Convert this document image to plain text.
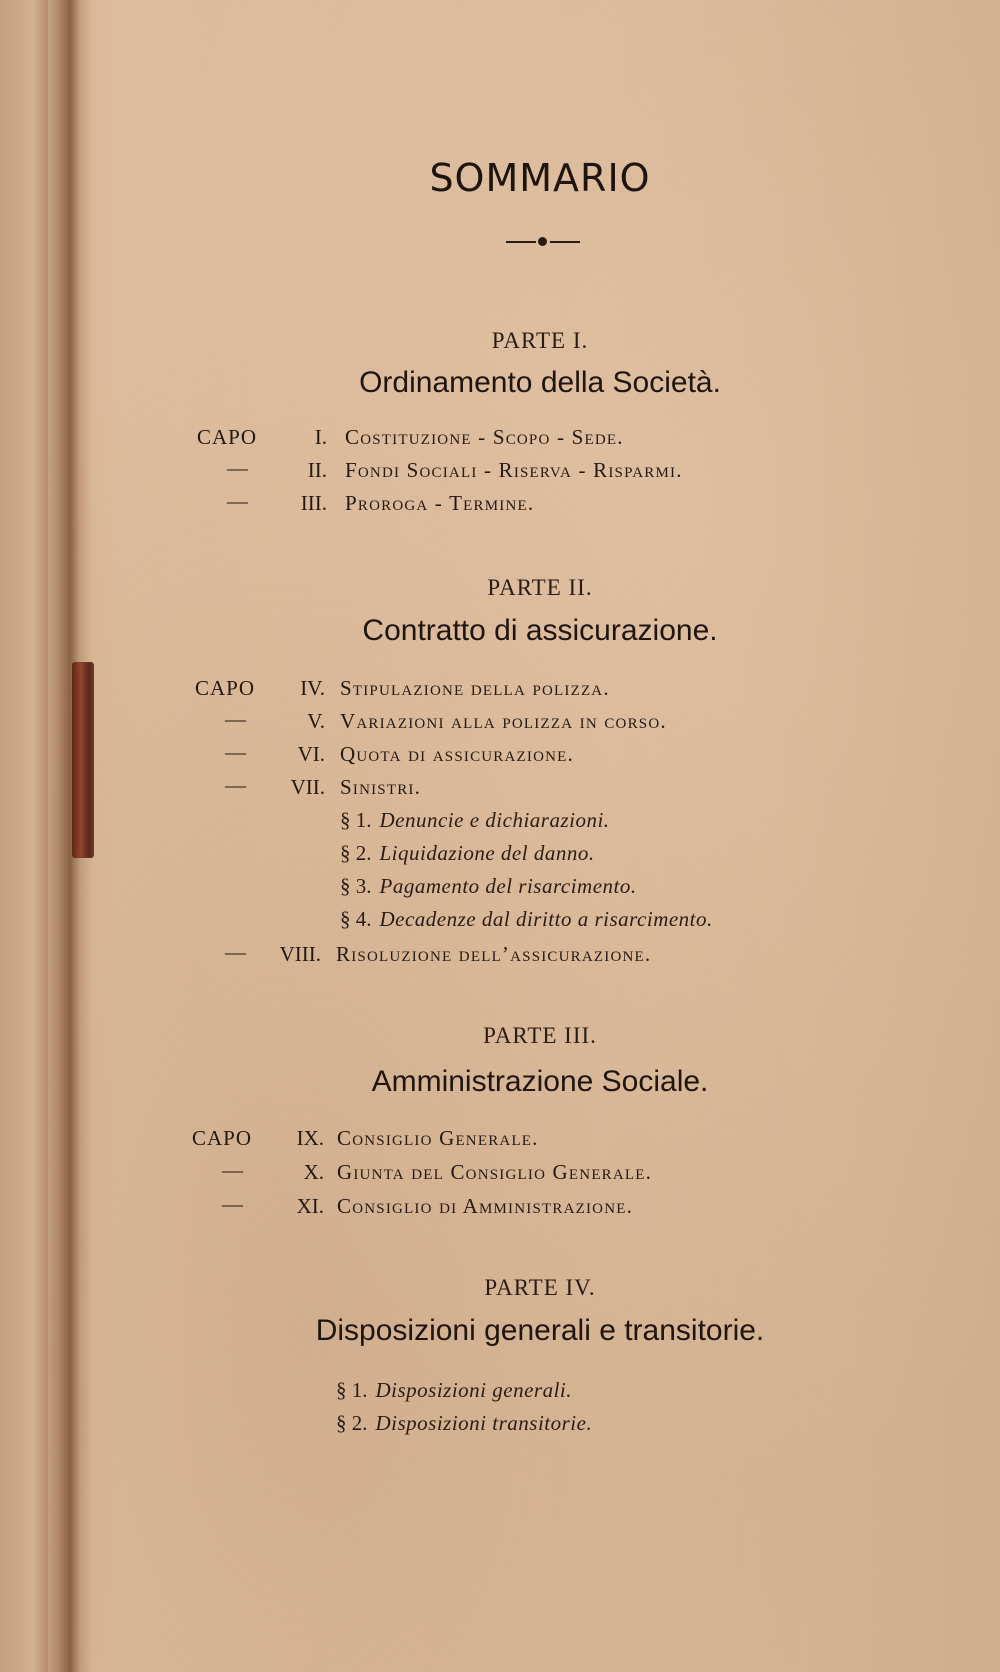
SOMMARIO
PARTE I.
Ordinamento della Società.
CAPO	I. Costituzione - Scopo - Sede.
—	II. Fondi Sociali - Riserva - Risparmi.
—	III. Proroga - Termine.
PARTE II.
Contratto di assicurazione.
CAPO	IV. Stipulazione della polizza.
—	V. Variazioni alla polizza in corso.
—	VI. Quota di assicurazione.
—	VII. Sinistri.
§ 1. Denuncie e dichiarazioni.
§ 2. Liquidazione del danno.
§ 3. Pagamento del risarcimento.
§ 4. Decadenze dal diritto a risarcimento.
—	VIII. Risoluzione dell’assicurazione.
PARTE III.
Amministrazione Sociale.
CAPO	IX. Consiglio Generale.
—	X. Giunta del Consiglio Generale.
—	XI. Consiglio di Amministrazione.
PARTE IV.
Disposizioni generali e transitorie.
§ 1. Disposizioni generali.
§ 2. Disposizioni transitorie.
